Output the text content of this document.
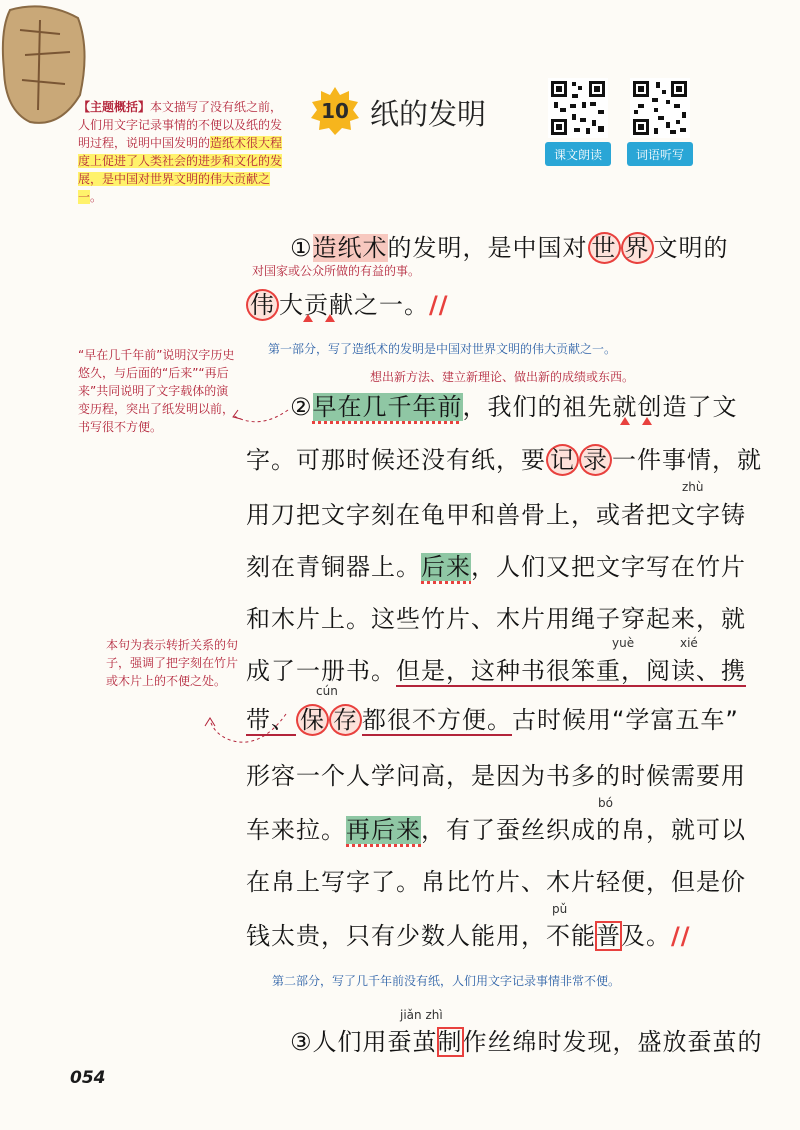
【主题概括】本文描写了没有纸之前，人们用文字记录事情的不便以及纸的发明过程，说明中国发明的造纸术很大程度上促进了人类社会的进步和文化的发展，是中国对世界文明的伟大贡献之一。
10 纸的发明
课文朗读	词语听写
①造纸术的发明，是中国对 世 界 文明的
对国家或公众所做的有益的事。
伟 大贡献之一。//
第一部分，写了造纸术的发明是中国对世界文明的伟大贡献之一。
“早在几千年前”说明汉字历史悠久，与后面的“后来”“再后来”共同说明了文字载体的演变历程，突出了纸发明以前，书写很不方便。
想出新方法、建立新理论、做出新的成绩或东西。
②早在几千年前，我们的祖先就创造了文
字。可那时候还没有纸，要 记 录 一件事情，就
zhù
用刀把文字刻在龟甲和兽骨上，或者把文字铸
刻在青铜器上。后来，人们又把文字写在竹片
和木片上。这些竹片、木片用绳子穿起来，就
本句为表示转折关系的句子，强调了把字刻在竹片或木片上的不便之处。
yuè	xié
成了一册书。但是，这种书很笨重，阅读、携
cún
带、 保 存 都很不方便。古时候用“学富五车”
形容一个人学问高，是因为书多的时候需要用
bó
车来拉。再后来，有了蚕丝织成的帛，就可以
在帛上写字了。帛比竹片、木片轻便，但是价
pǔ
钱太贵，只有少数人能用，不能普及。//
第二部分，写了几千年前没有纸，人们用文字记录事情非常不便。
jiǎn zhì
③人们用蚕茧制作丝绵时发现，盛放蚕茧的
054
